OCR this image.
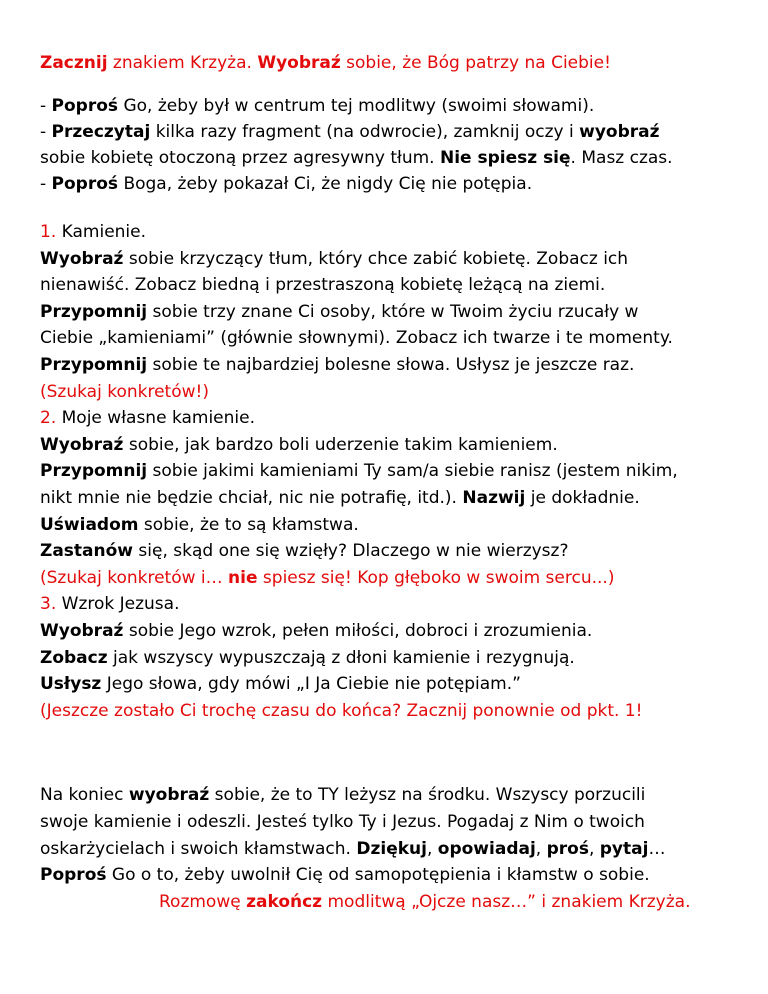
Zacznij znakiem Krzyża. Wyobraź sobie, że Bóg patrzy na Ciebie!
- Poproś Go, żeby był w centrum tej modlitwy (swoimi słowami).
- Przeczytaj kilka razy fragment (na odwrocie), zamknij oczy i wyobraź
sobie kobietę otoczoną przez agresywny tłum. Nie spiesz się. Masz czas.
- Poproś Boga, żeby pokazał Ci, że nigdy Cię nie potępia.
1. Kamienie.
Wyobraź sobie krzyczący tłum, który chce zabić kobietę. Zobacz ich
nienawiść. Zobacz biedną i przestraszoną kobietę leżącą na ziemi.
Przypomnij sobie trzy znane Ci osoby, które w Twoim życiu rzucały w
Ciebie „kamieniami” (głównie słownymi). Zobacz ich twarze i te momenty.
Przypomnij sobie te najbardziej bolesne słowa. Usłysz je jeszcze raz.
(Szukaj konkretów!)
2. Moje własne kamienie.
Wyobraź sobie, jak bardzo boli uderzenie takim kamieniem.
Przypomnij sobie jakimi kamieniami Ty sam/a siebie ranisz (jestem nikim,
nikt mnie nie będzie chciał, nic nie potrafię, itd.). Nazwij je dokładnie.
Uświadom sobie, że to są kłamstwa.
Zastanów się, skąd one się wzięły? Dlaczego w nie wierzysz?
(Szukaj konkretów i… nie spiesz się! Kop głęboko w swoim sercu...)
3. Wzrok Jezusa.
Wyobraź sobie Jego wzrok, pełen miłości, dobroci i zrozumienia.
Zobacz jak wszyscy wypuszczają z dłoni kamienie i rezygnują.
Usłysz Jego słowa, gdy mówi „I Ja Ciebie nie potępiam.”
(Jeszcze zostało Ci trochę czasu do końca? Zacznij ponownie od pkt. 1!
Na koniec wyobraź sobie, że to TY leżysz na środku. Wszyscy porzucili
swoje kamienie i odeszli. Jesteś tylko Ty i Jezus. Pogadaj z Nim o twoich
oskarżycielach i swoich kłamstwach. Dziękuj, opowiadaj, proś, pytaj…
Poproś Go o to, żeby uwolnił Cię od samopotępienia i kłamstw o sobie.
Rozmowę zakończ modlitwą „Ojcze nasz…” i znakiem Krzyża.
